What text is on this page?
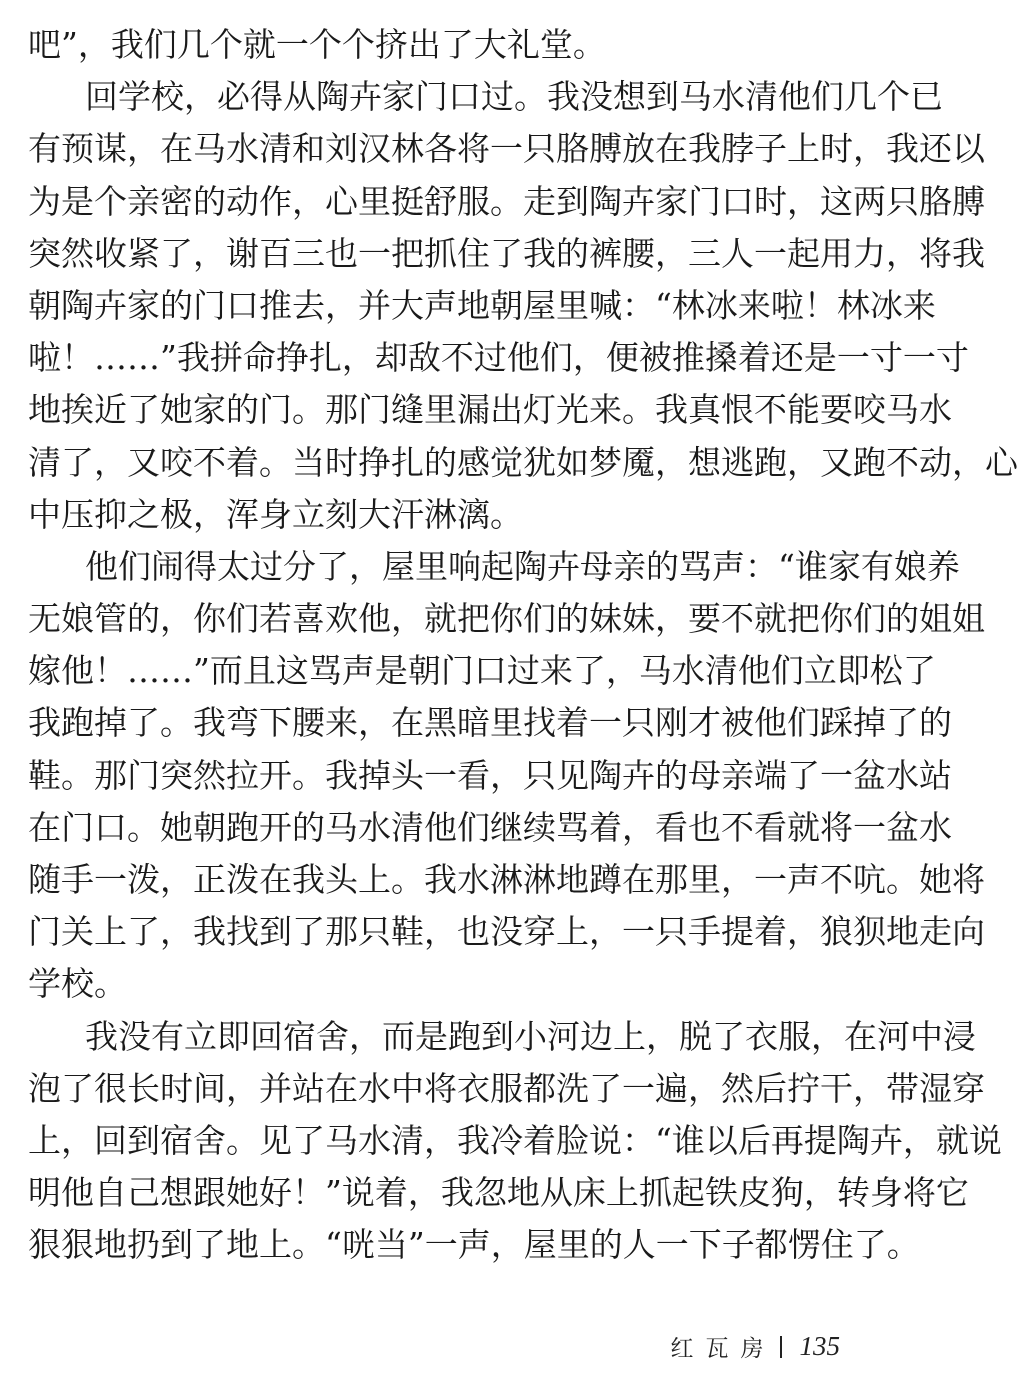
吧”，我们几个就一个个挤出了大礼堂。
回学校，必得从陶卉家门口过。我没想到马水清他们几个已
有预谋，在马水清和刘汉林各将一只胳膊放在我脖子上时，我还以
为是个亲密的动作，心里挺舒服。走到陶卉家门口时，这两只胳膊
突然收紧了，谢百三也一把抓住了我的裤腰，三人一起用力，将我
朝陶卉家的门口推去，并大声地朝屋里喊：“林冰来啦！林冰来
啦！……”我拼命挣扎，却敌不过他们，便被推搡着还是一寸一寸
地挨近了她家的门。那门缝里漏出灯光来。我真恨不能要咬马水
清了，又咬不着。当时挣扎的感觉犹如梦魇，想逃跑，又跑不动，心
中压抑之极，浑身立刻大汗淋漓。
他们闹得太过分了，屋里响起陶卉母亲的骂声：“谁家有娘养
无娘管的，你们若喜欢他，就把你们的妹妹，要不就把你们的姐姐
嫁他！……”而且这骂声是朝门口过来了，马水清他们立即松了
我跑掉了。我弯下腰来，在黑暗里找着一只刚才被他们踩掉了的
鞋。那门突然拉开。我掉头一看，只见陶卉的母亲端了一盆水站
在门口。她朝跑开的马水清他们继续骂着，看也不看就将一盆水
随手一泼，正泼在我头上。我水淋淋地蹲在那里，一声不吭。她将
门关上了，我找到了那只鞋，也没穿上，一只手提着，狼狈地走向
学校。
我没有立即回宿舍，而是跑到小河边上，脱了衣服，在河中浸
泡了很长时间，并站在水中将衣服都洗了一遍，然后拧干，带湿穿
上，回到宿舍。见了马水清，我冷着脸说：“谁以后再提陶卉，就说
明他自己想跟她好！”说着，我忽地从床上抓起铁皮狗，转身将它
狠狠地扔到了地上。“咣当”一声，屋里的人一下子都愣住了。
红瓦房 135
